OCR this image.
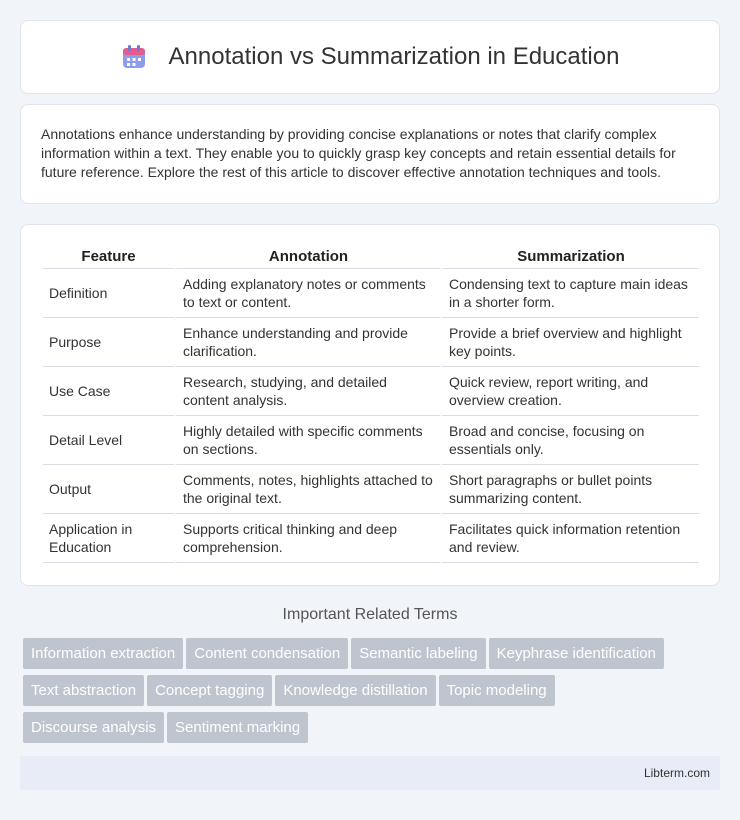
Annotation vs Summarization in Education

Annotations enhance understanding by providing concise explanations or notes that clarify complex information within a text. They enable you to quickly grasp key concepts and retain essential details for future reference. Explore the rest of this article to discover effective annotation techniques and tools.

Feature	Annotation	Summarization
Definition	Adding explanatory notes or comments to text or content.	Condensing text to capture main ideas in a shorter form.
Purpose	Enhance understanding and provide clarification.	Provide a brief overview and highlight key points.
Use Case	Research, studying, and detailed content analysis.	Quick review, report writing, and overview creation.
Detail Level	Highly detailed with specific comments on sections.	Broad and concise, focusing on essentials only.
Output	Comments, notes, highlights attached to the original text.	Short paragraphs or bullet points summarizing content.
Application in Education	Supports critical thinking and deep comprehension.	Facilitates quick information retention and review.
Important Related Terms
Information extraction	Content condensation	Semantic labeling	Keyphrase identification
Text abstraction	Concept tagging	Knowledge distillation	Topic modeling
Discourse analysis	Sentiment marking
Libterm.com
